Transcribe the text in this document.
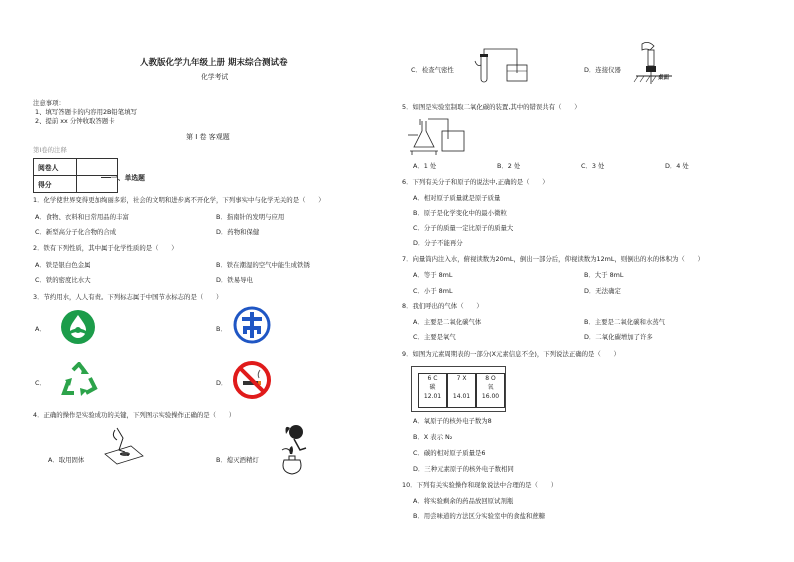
人教版化学九年级上册 期末综合测试卷
化学考试
注意事项：
1、填写答题卡的内容用2B铅笔填写
2、提前 xx 分钟收取答题卡
第 Ⅰ 卷 客观题
第Ⅰ卷的注释
阅卷人	
得分	
一、单选题
1．化学使世界变得更加绚丽多彩，社会的文明和进步离不开化学，下列事实中与化学无关的是（　　）
A．食物、衣料和日常用品的丰富	B．指南针的发明与应用
C．新型高分子化合物的合成	D．药物和保健
2．铁有下列性质，其中属于化学性质的是（　　）
A．铁是银白色金属	B．铁在潮湿的空气中能生成铁锈
C．铁的密度比水大	D．铁易导电
3．节约用水，人人有责。下列标志属于中国节水标志的是（　　）
A．	B．
C．	D．
4．正确的操作是实验成功的关键，下列图示实验操作正确的是（　　）
A．取用固体	B．熄灭酒精灯
C．检查气密性
桌面
D．连接仪器
5．如图是实验室制取二氧化碳的装置,其中的错误共有（　　）
A．1 处	B．2 处	C．3 处	D．4 处
6．下列有关分子和原子的说法中,正确的是（　　）
A．相对原子质量就是原子质量
B．原子是化学变化中的最小微粒
C．分子的质量一定比原子的质量大
D．分子不能再分
7．向量筒内注入水，俯视读数为20mL，倒出一部分后，仰视读数为12mL，则倒出的水的体积为（　　）
A．等于 8mL	B．大于 8mL
C．小于 8mL	D．无法确定
8．我们呼出的气体（　　）
A．主要是二氧化碳气体	B．主要是二氧化碳和水蒸气
C．主要是氧气	D．二氧化碳增加了许多
9．如图为元素周期表的一部分(X元素信息不全)，下列说法正确的是（　　）
6 C
碳
12.01
7 X

14.01
8 O
氧
16.00
A．氧原子的核外电子数为8
B．X 表示 N₂
C．碳的相对原子质量是6
D．三种元素原子的核外电子数相同
10．下列有关实验操作和现象说法中合理的是（　　）
A．将实验剩余的药品放回原试剂瓶
B．用尝味道的方法区分实验室中的食盐和蔗糖
